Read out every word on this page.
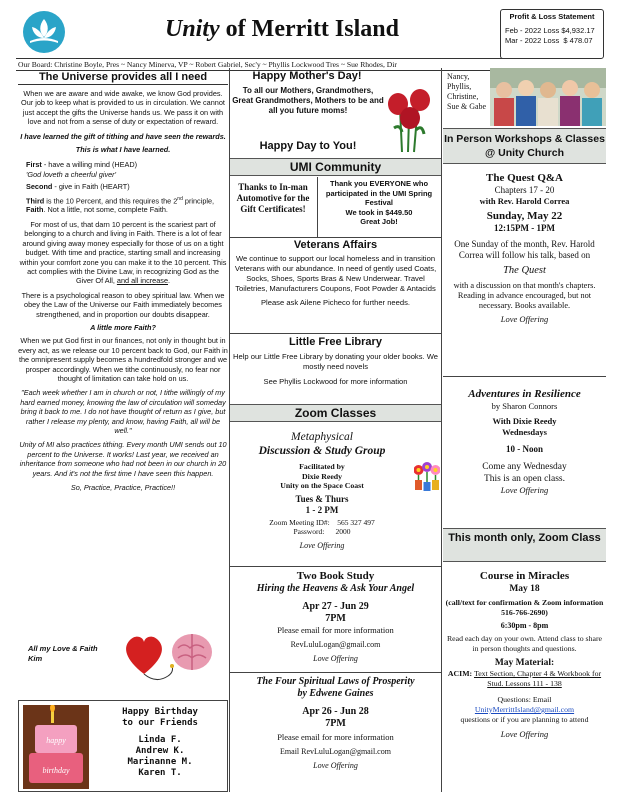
Unity of Merritt Island	Profit & Loss Statement
Feb - 2022 Loss $4,932.17
Mar - 2022 Loss $ 478.07
Our Board: Christine Boyle, Pres ~ Nancy Minerva, VP ~ Robert Gabriel, Sec'y ~ Phyllis Lockwood Tres ~ Sue Rhodes, Dir
The Universe provides all I need

When we are aware and wide awake, we know God provides. Our job to keep what is provided to us in circulation. We cannot just accept the gifts the Universe hands us. We pass it on with love and not from a sense of duty or expectation of reward.

I have learned the gift of tithing and have seen the rewards.

This is what I have learned.

First - have a willing mind (HEAD)

'God loveth a cheerful giver'

Second - give in Faith (HEART)

Third is the 10 Percent, and this requires the 2nd principle, Faith. Not a little, not some, complete Faith.

For most of us, that darn 10 percent is the scariest part of belonging to a church and living in Faith. There is a lot of fear around giving away money especially for those of us on a tight budget. With time and practice, starting small and increasing within your comfort zone you can make it to the 10 percent. This act complies with the Divine Law, in recognizing God as the Giver Of All, and all increase.

There is a psychological reason to obey spiritual law. When we obey the Law of the Universe our Faith immediately becomes strengthened, and in proportion our doubts disappear.

A little more Faith?

When we put God first in our finances, not only in thought but in every act, as we release our 10 percent back to God, our Faith in the omnipresent supply becomes a hundredfold stronger and we prosper accordingly. When we tithe continuously, no fear nor thought of limitation can take hold on us.

"Each week whether I am in church or not, I tithe willingly of my hard earned money, knowing the law of circulation will someday bring it back to me. I do not have thought of return as I give, but rather I release my plenty, and know, having Faith, all will be well."

Unity of MI also practices tithing. Every month UMI sends out 10 percent to the Universe. It works! Last year, we received an inheritance from someone who had not been in our church in 20 years. And it's not the first time I have seen this happen.

So, Practice, Practice, Practice!!

All my Love & Faith
Kim
happy
birthday
Happy Birthday
to our Friends
Linda F.
Andrew K.
Marinanne M.
Karen T.
Happy Mother's Day!
To all our Mothers, Grandmothers, Great Grandmothers, Mothers to be and all you future moms!
Happy Day to You!
UMI Community
Thanks to In-man Automotive for the Gift Certificates!
Thank you EVERYONE who participated in the UMI Spring Festival
We took in $449.50
Great Job!
Veterans Affairs

We continue to support our local homeless and in transition Veterans with our abundance. In need of gently used Coats, Socks, Shoes, Sports Bras & New Underwear. Travel Toiletries, Manufacturers Coupons, Foot Powder & Antacids

Please ask Ailene Picheco for further needs.

Little Free Library

Help our Little Free Library by donating your older books. We mostly need novels

See Phyllis Lockwood for more information

Zoom Classes
Metaphysical
Discussion & Study Group
Facilitated by
Dixie Reedy
Unity on the Space Coast
Tues & Thurs
1 - 2 PM
Zoom Meeting ID#: 565 327 497
Password: 2000
Love Offering
Two Book Study
Hiring the Heavens & Ask Your Angel
Apr 27 - Jun 29
7PM
Please email for more information
RevLuluLogan@gmail.com
Love Offering
The Four Spiritual Laws of Prosperity
by Edwene Gaines
Apr 26 - Jun 28
7PM
Please email for more information
Email RevLuluLogan@gmail.com
Love Offering
Nancy, Phyllis, Christine, Sue & Gabe
In Person Workshops & Classes @ Unity Church
The Quest Q&A
Chapters 17 - 20
with Rev. Harold Correa
Sunday, May 22
12:15PM - 1PM
One Sunday of the month, Rev. Harold Correa will follow his talk, based on
The Quest
with a discussion on that month's chapters. Reading in advance encouraged, but not necessary. Books available.
Love Offering
Adventures in Resilience
by Sharon Connors
With Dixie Reedy
Wednesdays
10 - Noon
Come any Wednesday
This is an open class.
Love Offering
This month only, Zoom Class
Course in Miracles
May 18
(call/text for confirmation & Zoom information 516-766-2690)
6:30pm - 8pm
Read each day on your own. Attend class to share in person thoughts and questions.
May Material:
ACIM: Text Section, Chapter 4 & Workbook for Stud. Lessons 111 - 138
Questions: Email
UnityMerrittIsland@gmail.com
questions or if you are planning to attend
Love Offering
